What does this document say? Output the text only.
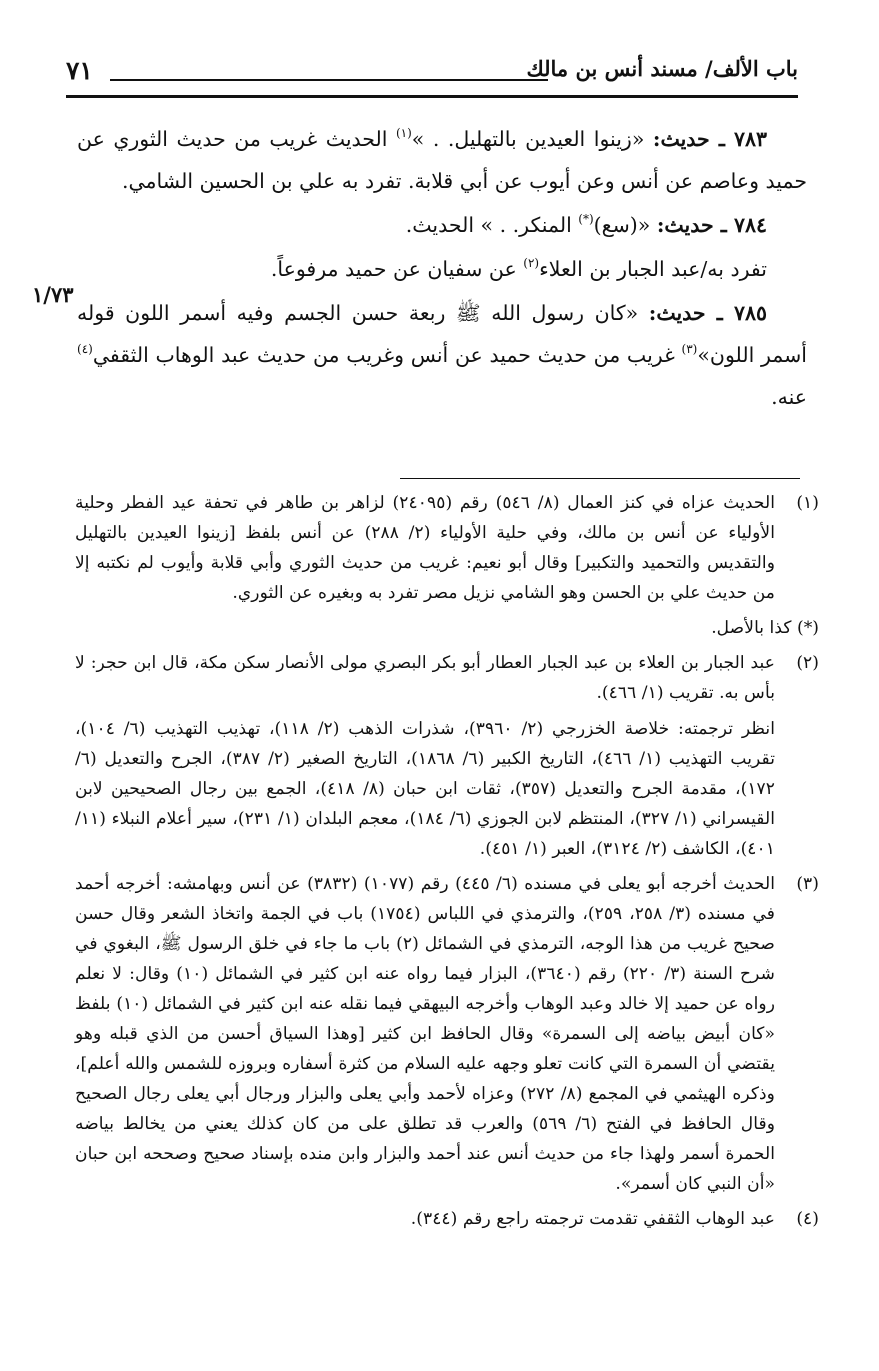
٧١	باب الألف/ مسند أنس بن مالك

٧٨٣ ـ حديث: «زينوا العيدين بالتهليل. . »$^{(١)}$ الحديث غريب من حديث الثوري عن حميد وعاصم عن أنس وعن أيوب عن أبي قلابة. تفرد به علي بن الحسين الشامي.

٧٨٤ ـ حديث: «(سع)(*) المنكر. . » الحديث.

تفرد به/عبد الجبار بن العلاء$^{(٢)}$ عن سفيان عن حميد مرفوعاً.

٧٨٥ ـ حديث: «كان رسول الله ﷺ ربعة حسن الجسم وفيه أسمر اللون قوله أسمر اللون»$^{(٣)}$ غريب من حديث حميد عن أنس وغريب من حديث عبد الوهاب الثقفي$^{(٤)}$ عنه.

١/٧٣
(١)

الحديث عزاه في كنز العمال (٨/ ٥٤٦) رقم (٢٤٠٩٥) لزاهر بن طاهر في تحفة عيد الفطر وحلية الأولياء عن أنس بن مالك، وفي حلية الأولياء (٢/ ٢٨٨) عن أنس بلفظ [زينوا العيدين بالتهليل والتقديس والتحميد والتكبير] وقال أبو نعيم: غريب من حديث الثوري وأبي قلابة وأيوب لم نكتبه إلا من حديث علي بن الحسن وهو الشامي نزيل مصر تفرد به وبغيره عن الثوري.

(*) كذا بالأصل.

(٢)

عبد الجبار بن العلاء بن عبد الجبار العطار أبو بكر البصري مولى الأنصار سكن مكة، قال ابن حجر: لا بأس به. تقريب (١/ ٤٦٦).

انظر ترجمته: خلاصة الخزرجي (٢/ ٣٩٦٠)، شذرات الذهب (٢/ ١١٨)، تهذيب التهذيب (٦/ ١٠٤)، تقريب التهذيب (١/ ٤٦٦)، التاريخ الكبير (٦/ ١٨٦٨)، التاريخ الصغير (٢/ ٣٨٧)، الجرح والتعديل (٦/ ١٧٢)، مقدمة الجرح والتعديل (٣٥٧)، ثقات ابن حبان (٨/ ٤١٨)، الجمع بين رجال الصحيحين لابن القيسراني (١/ ٣٢٧)، المنتظم لابن الجوزي (٦/ ١٨٤)، معجم البلدان (١/ ٢٣١)، سير أعلام النبلاء (١١/ ٤٠١)، الكاشف (٢/ ٣١٢٤)، العبر (١/ ٤٥١).

(٣)

الحديث أخرجه أبو يعلى في مسنده (٦/ ٤٤٥) رقم (١٠٧٧) (٣٨٣٢) عن أنس وبهامشه: أخرجه أحمد في مسنده (٣/ ٢٥٨، ٢٥٩)، والترمذي في اللباس (١٧٥٤) باب في الجمة واتخاذ الشعر وقال حسن صحيح غريب من هذا الوجه، الترمذي في الشمائل (٢) باب ما جاء في خلق الرسول ﷺ، البغوي في شرح السنة (٣/ ٢٢٠) رقم (٣٦٤٠)، البزار فيما رواه عنه ابن كثير في الشمائل (١٠) وقال: لا نعلم رواه عن حميد إلا خالد وعبد الوهاب وأخرجه البيهقي فيما نقله عنه ابن كثير في الشمائل (١٠) بلفظ «كان أبيض بياضه إلى السمرة» وقال الحافظ ابن كثير [وهذا السياق أحسن من الذي قبله وهو يقتضي أن السمرة التي كانت تعلو وجهه عليه السلام من كثرة أسفاره وبروزه للشمس والله أعلم]، وذكره الهيثمي في المجمع (٨/ ٢٧٢) وعزاه لأحمد وأبي يعلى والبزار ورجال أبي يعلى رجال الصحيح وقال الحافظ في الفتح (٦/ ٥٦٩) والعرب قد تطلق على من كان كذلك يعني من يخالط بياضه الحمرة أسمر ولهذا جاء من حديث أنس عند أحمد والبزار وابن منده بإسناد صحيح وصححه ابن حبان «أن النبي كان أسمر».

(٤)

عبد الوهاب الثقفي تقدمت ترجمته راجع رقم (٣٤٤).
